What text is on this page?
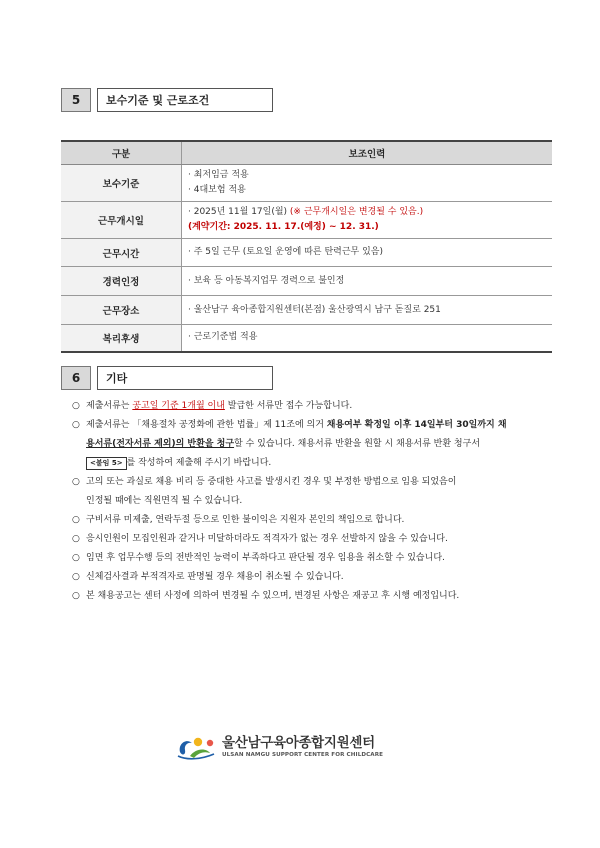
5	보수기준 및 근로조건
구분	보조인력
보수기준	· 최저임금 적용
· 4대보험 적용

근무개시일	· 2025년 11월 17일(월) (※ 근무개시일은 변경될 수 있음.)
(계약기간: 2025. 11. 17.(예정) ~ 12. 31.)

근무시간	· 주 5일 근무 (토요일 운영에 따른 탄력근무 있음)
경력인정	· 보육 등 아동복지업무 경력으로 불인정
근무장소	· 울산남구 육아종합지원센터(본점) 울산광역시 남구 돋질로 251
복리후생	· 근로기준법 적용
6	기타
○ 제출서류는 공고일 기준 1개월 이내 발급한 서류만 접수 가능합니다.
○ 제출서류는 「채용절차 공정화에 관한 법률」제 11조에 의거 채용여부 확정일 이후 14일부터 30일까지 채
용서류(전자서류 제외)의 반환을 청구할 수 있습니다. 채용서류 반환을 원할 시 채용서류 반환 청구서
<붙임 5> 를 작성하여 제출해 주시기 바랍니다.
○ 고의 또는 과실로 채용 비리 등 중대한 사고를 발생시킨 경우 및 부정한 방법으로 임용 되었음이
인정될 때에는 직원면직 될 수 있습니다.
○ 구비서류 미제출, 연락두절 등으로 인한 불이익은 지원자 본인의 책임으로 합니다.
○ 응시인원이 모집인원과 같거나 미달하더라도 적격자가 없는 경우 선발하지 않을 수 있습니다.
○ 임면 후 업무수행 등의 전반적인 능력이 부족하다고 판단될 경우 임용을 취소할 수 있습니다.
○ 신체검사결과 부적격자로 판명될 경우 채용이 취소될 수 있습니다.
○ 본 채용공고는 센터 사정에 의하여 변경될 수 있으며, 변경된 사항은 재공고 후 시행 예정입니다.
울산남구육아종합지원센터
ULSAN NAMGU SUPPORT CENTER FOR CHILDCARE
